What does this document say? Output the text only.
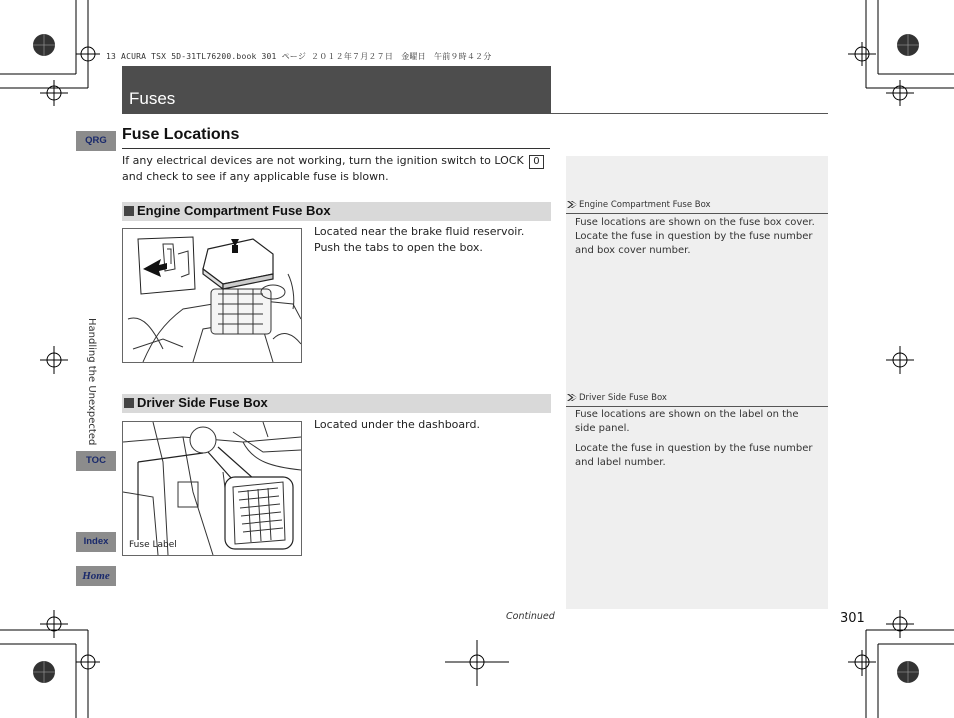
13 ACURA TSX 5D-31TL76200.book 301 ページ ２０１２年７月２７日　金曜日　午前９時４２分
Fuses
Fuse Locations
If any electrical devices are not working, turn the ignition switch to LOCK 0 and check to see if any applicable fuse is blown.
Engine Compartment Fuse Box
Located near the brake fluid reservoir. Push the tabs to open the box.
Engine Compartment Fuse Box
Fuse locations are shown on the fuse box cover. Locate the fuse in question by the fuse number and box cover number.
Driver Side Fuse Box
Fuse Label
Located under the dashboard.
Driver Side Fuse Box
Fuse locations are shown on the label on the side panel.
Locate the fuse in question by the fuse number and label number.
QRG
Handling the Unexpected
TOC
Index
Home
Continued	301
